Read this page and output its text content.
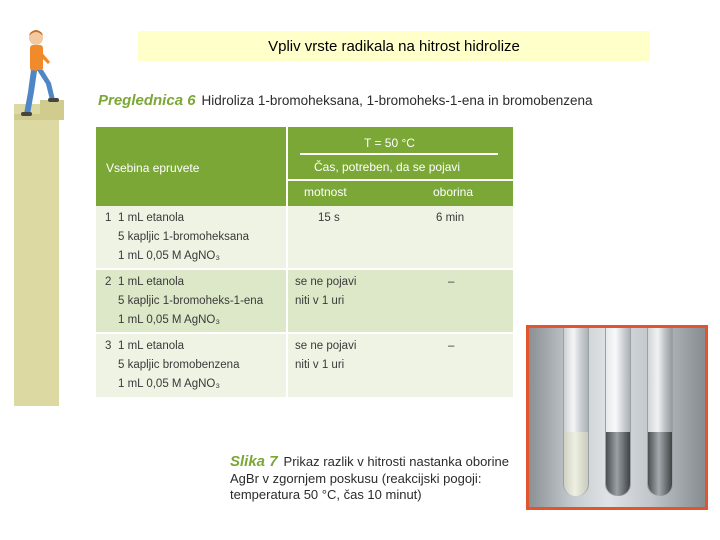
Vpliv vrste radikala na hitrost hidrolize
Preglednica 6 Hidroliza 1-bromoheksana, 1-bromoheks-1-ena in bromobenzena
Vsebina epruvete
T = 50 °C
Čas, potreben, da se pojavi
motnost	oborina
1 1 mL etanola
5 kapljic 1-bromoheksana
1 mL 0,05 M AgNO₃
15 s	6 min
2 1 mL etanola
5 kapljic 1-bromoheks-1-ena
1 mL 0,05 M AgNO₃
se ne pojavi niti v 1 uri
–
3 1 mL etanola
5 kapljic bromobenzena
1 mL 0,05 M AgNO₃
se ne pojavi niti v 1 uri
–
Slika 7 Prikaz razlik v hitrosti nastanka oborine AgBr v zgornjem poskusu (reakcijski pogoji: temperatura 50 °C, čas 10 minut)
